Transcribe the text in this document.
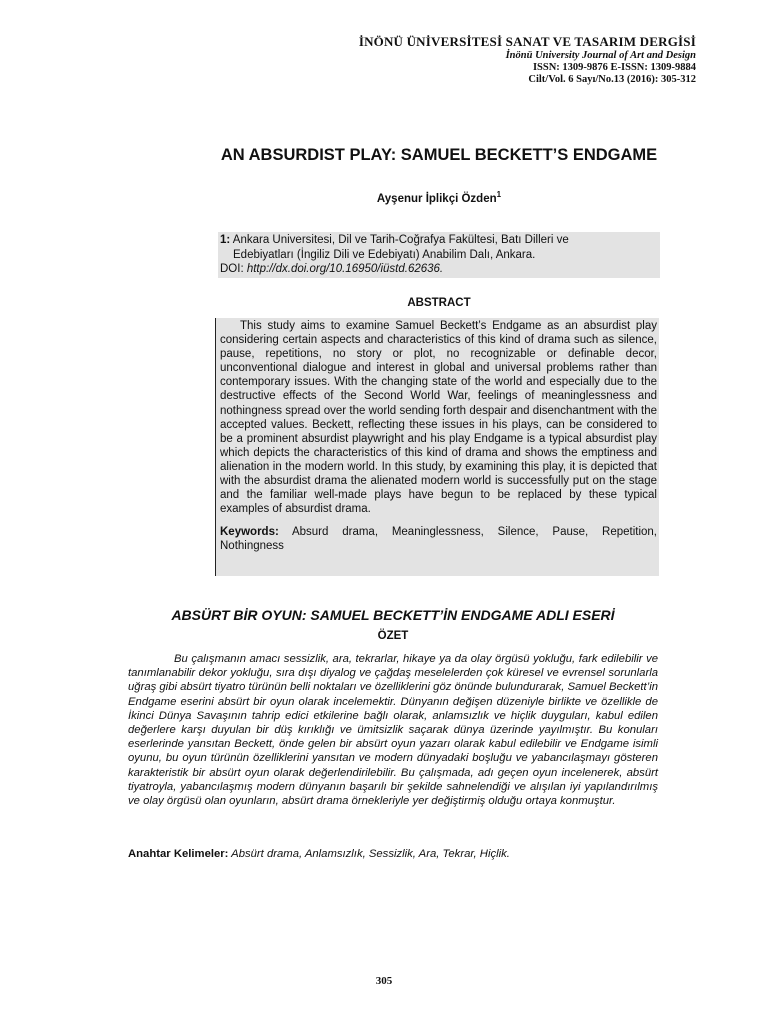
İNÖNÜ ÜNİVERSİTESİ SANAT VE TASARIM DERGİSİ
İnönü University Journal of Art and Design
ISSN: 1309-9876 E-ISSN: 1309-9884
Cilt/Vol. 6 Sayı/No.13 (2016): 305-312
AN ABSURDIST PLAY: SAMUEL BECKETT’S ENDGAME
Ayşenur İplikçi Özden$^1$
1: Ankara Universitesi, Dil ve Tarih-Coğrafya Fakültesi, Batı Dilleri ve
Edebiyatları (İngiliz Dili ve Edebiyatı) Anabilim Dalı, Ankara.
DOI: http://dx.doi.org/10.16950/iüstd.62636.
ABSTRACT

This study aims to examine Samuel Beckett’s Endgame as an absurdist play considering certain aspects and characteristics of this kind of drama such as silence, pause, repetitions, no story or plot, no recognizable or definable decor, unconventional dialogue and interest in global and universal problems rather than contemporary issues. With the changing state of the world and especially due to the destructive effects of the Second World War, feelings of meaninglessness and nothingness spread over the world sending forth despair and disenchantment with the accepted values. Beckett, reflecting these issues in his plays, can be considered to be a prominent absurdist playwright and his play Endgame is a typical absurdist play which depicts the characteristics of this kind of drama and shows the emptiness and alienation in the modern world. In this study, by examining this play, it is depicted that with the absurdist drama the alienated modern world is successfully put on the stage and the familiar well-made plays have begun to be replaced by these typical examples of absurdist drama.

Keywords: Absurd drama, Meaninglessness, Silence, Pause, Repetition, Nothingness

ABSÜRT BİR OYUN: SAMUEL BECKETT’İN ENDGAME ADLI ESERİ
ÖZET
Bu çalışmanın amacı sessizlik, ara, tekrarlar, hikaye ya da olay örgüsü yokluğu, fark edilebilir ve tanımlanabilir dekor yokluğu, sıra dışı diyalog ve çağdaş meselelerden çok küresel ve evrensel sorunlarla uğraş gibi absürt tiyatro türünün belli noktaları ve özelliklerini göz önünde bulundurarak, Samuel Beckett’in Endgame eserini absürt bir oyun olarak incelemektir. Dünyanın değişen düzeniyle birlikte ve özellikle de İkinci Dünya Savaşının tahrip edici etkilerine bağlı olarak, anlamsızlık ve hiçlik duyguları, kabul edilen değerlere karşı duyulan bir düş kırıklığı ve ümitsizlik saçarak dünya üzerinde yayılmıştır. Bu konuları eserlerinde yansıtan Beckett, önde gelen bir absürt oyun yazarı olarak kabul edilebilir ve Endgame isimli oyunu, bu oyun türünün özelliklerini yansıtan ve modern dünyadaki boşluğu ve yabancılaşmayı gösteren karakteristik bir absürt oyun olarak değerlendirilebilir. Bu çalışmada, adı geçen oyun incelenerek, absürt tiyatroyla, yabancılaşmış modern dünyanın başarılı bir şekilde sahnelendiği ve alışılan iyi yapılandırılmış ve olay örgüsü olan oyunların, absürt drama örnekleriyle yer değiştirmiş olduğu ortaya konmuştur.
Anahtar Kelimeler: Absürt drama, Anlamsızlık, Sessizlik, Ara, Tekrar, Hiçlik.
305
